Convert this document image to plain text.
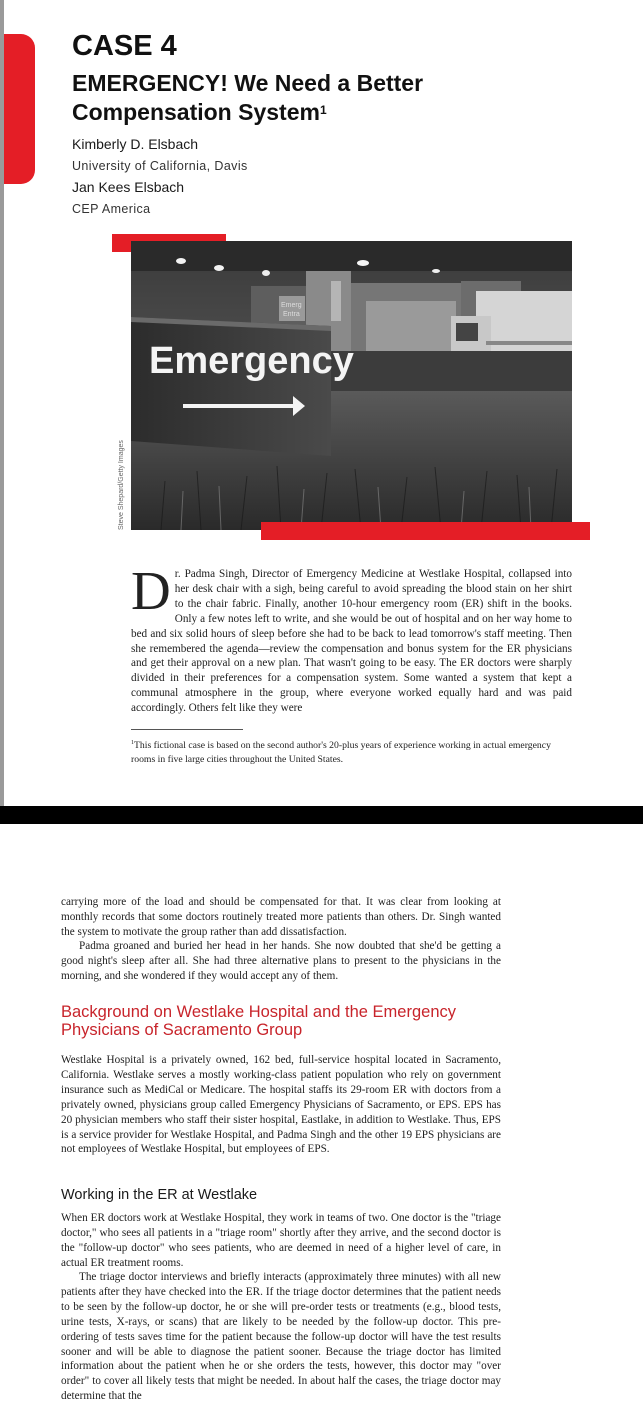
CASE 4
EMERGENCY! We Need a Better Compensation System$^1$
Kimberly D. Elsbach
University of California, Davis
Jan Kees Elsbach
CEP America
Emerg
Entra
Emergency
Steve Shepard/Getty Images
Dr. Padma Singh, Director of Emergency Medicine at Westlake Hospital, collapsed into her desk chair with a sigh, being careful to avoid spreading the blood stain on her shirt to the chair fabric. Finally, another 10-hour emergency room (ER) shift in the books. Only a few notes left to write, and she would be out of hospital and on her way home to bed and six solid hours of sleep before she had to be back to lead tomorrow's staff meeting. Then she remembered the agenda—review the compensation and bonus system for the ER physicians and get their approval on a new plan. That wasn't going to be easy. The ER doctors were sharply divided in their preferences for a compensation system. Some wanted a system that kept a communal atmosphere in the group, where everyone worked equally hard and was paid accordingly. Others felt like they were
$^1$This fictional case is based on the second author's 20-plus years of experience working in actual emergency rooms in five large cities throughout the United States.
carrying more of the load and should be compensated for that. It was clear from looking at monthly records that some doctors routinely treated more patients than others. Dr. Singh wanted the system to motivate the group rather than add dissatisfaction.
Padma groaned and buried her head in her hands. She now doubted that she'd be getting a good night's sleep after all. She had three alternative plans to present to the physicians in the morning, and she wondered if they would accept any of them.
Background on Westlake Hospital and the Emergency Physicians of Sacramento Group
Westlake Hospital is a privately owned, 162 bed, full-service hospital located in Sacramento, California. Westlake serves a mostly working-class patient population who rely on government insurance such as MediCal or Medicare. The hospital staffs its 29-room ER with doctors from a privately owned, physicians group called Emergency Physicians of Sacramento, or EPS. EPS has 20 physician members who staff their sister hospital, Eastlake, in addition to Westlake. Thus, EPS is a service provider for Westlake Hospital, and Padma Singh and the other 19 EPS physicians are not employees of Westlake Hospital, but employees of EPS.
Working in the ER at Westlake
When ER doctors work at Westlake Hospital, they work in teams of two. One doctor is the "triage doctor," who sees all patients in a "triage room" shortly after they arrive, and the second doctor is the "follow-up doctor" who sees patients, who are deemed in need of a higher level of care, in actual ER treatment rooms.
The triage doctor interviews and briefly interacts (approximately three minutes) with all new patients after they have checked into the ER. If the triage doctor determines that the patient needs to be seen by the follow-up doctor, he or she will pre-order tests or treatments (e.g., blood tests, urine tests, X-rays, or scans) that are likely to be needed by the follow-up doctor. This pre-ordering of tests saves time for the patient because the follow-up doctor will have the test results sooner and will be able to diagnose the patient sooner. Because the triage doctor has limited information about the patient when he or she orders the tests, however, this doctor may "over order" to cover all likely tests that might be needed. In about half the cases, the triage doctor may determine that the
